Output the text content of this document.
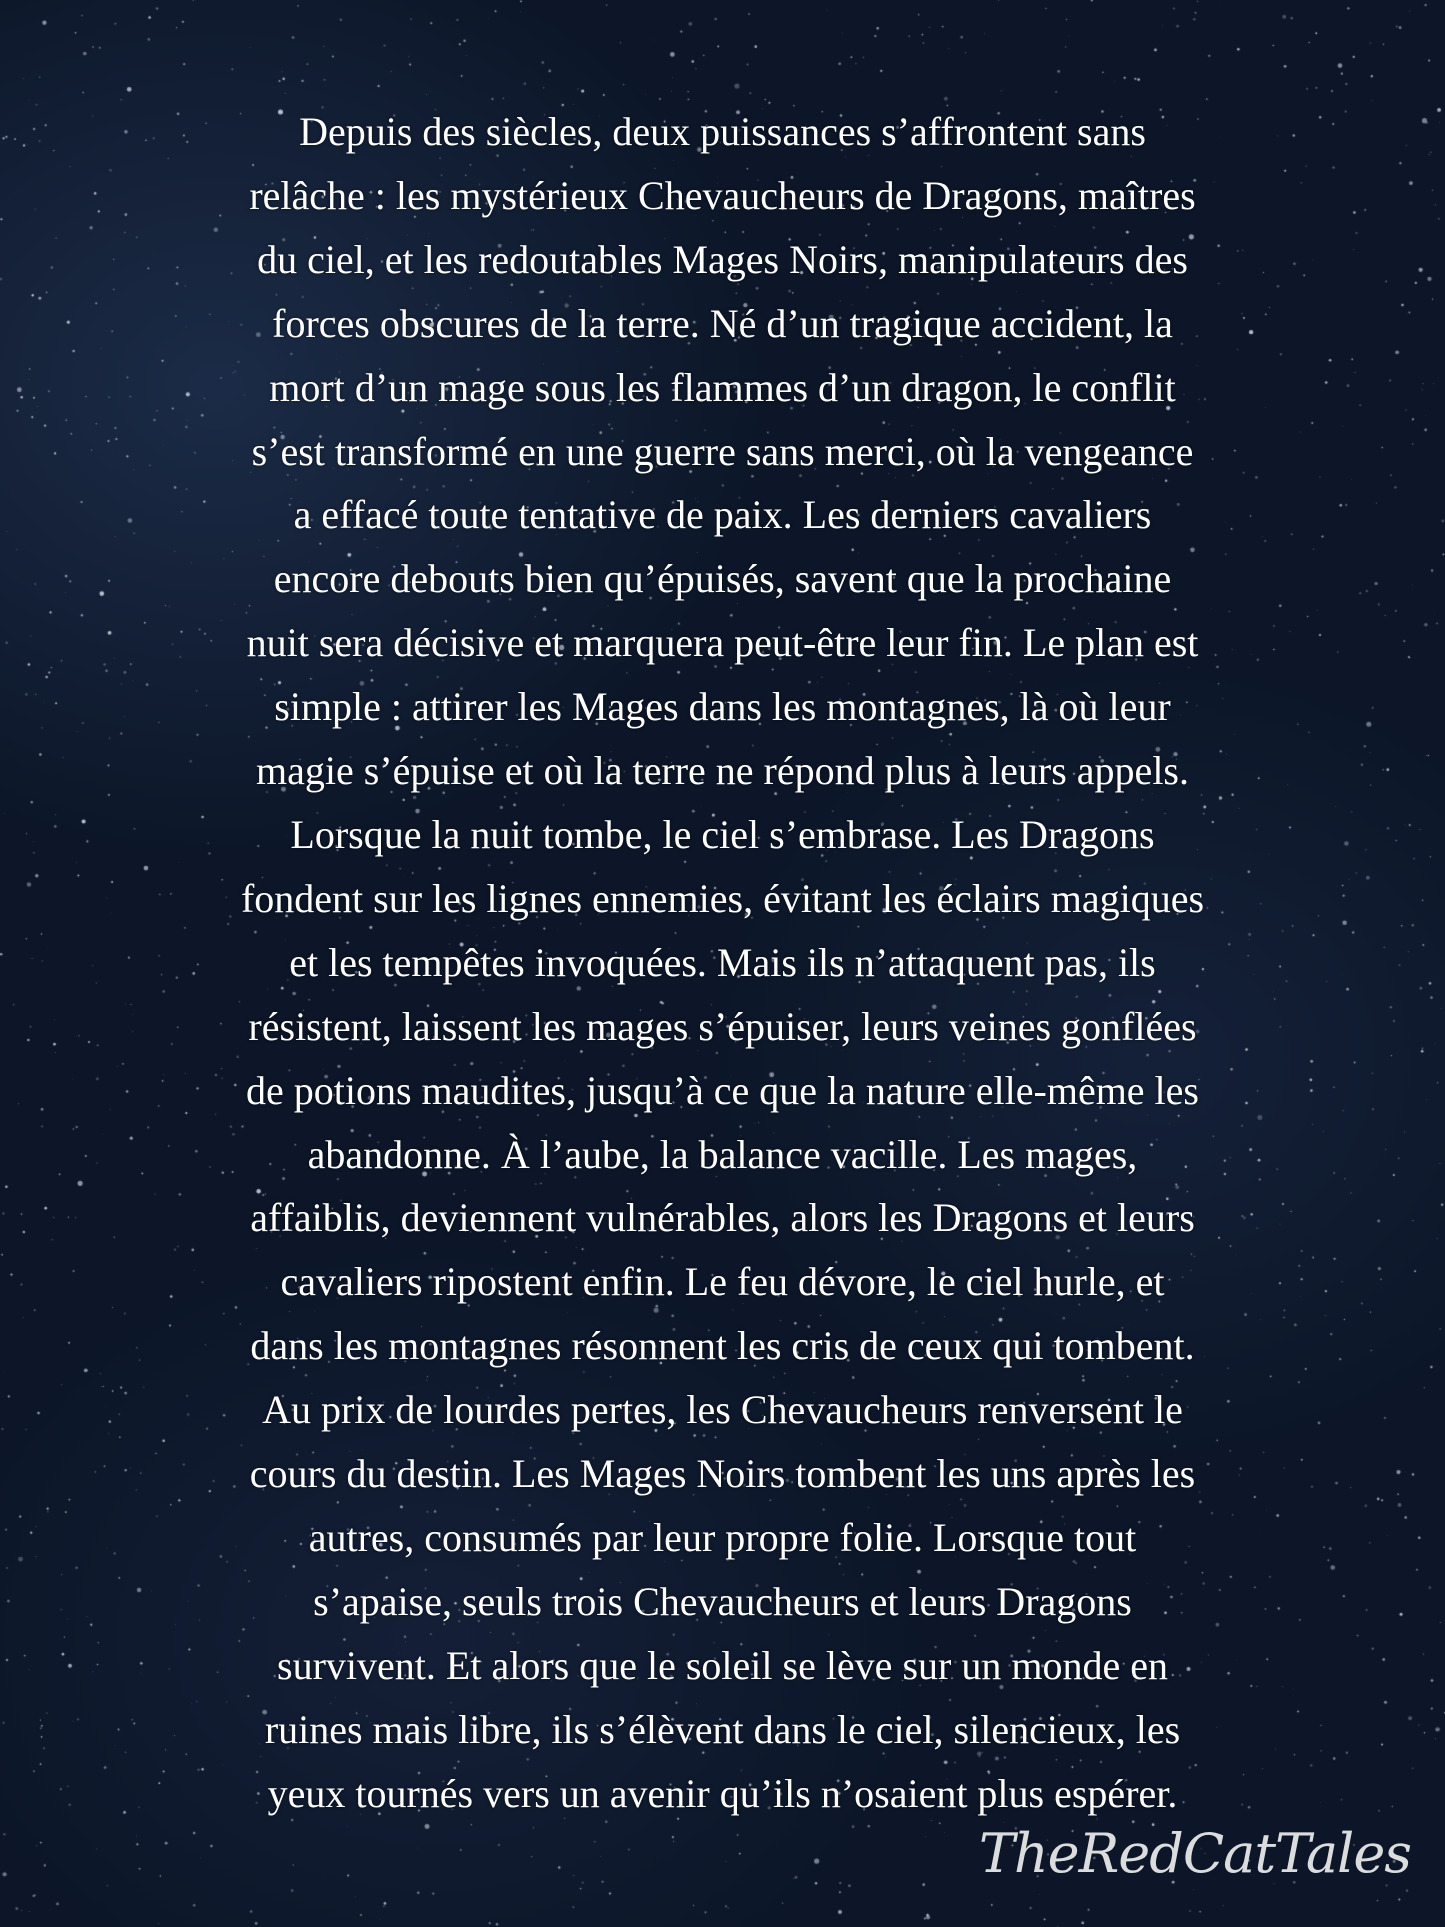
Depuis des siècles, deux puissances s’affrontent sans
relâche : les mystérieux Chevaucheurs de Dragons, maîtres
du ciel, et les redoutables Mages Noirs, manipulateurs des
forces obscures de la terre. Né d’un tragique accident, la
mort d’un mage sous les flammes d’un dragon, le conflit
s’est transformé en une guerre sans merci, où la vengeance
a effacé toute tentative de paix. Les derniers cavaliers
encore debouts bien qu’épuisés, savent que la prochaine
nuit sera décisive et marquera peut-être leur fin. Le plan est
simple : attirer les Mages dans les montagnes, là où leur
magie s’épuise et où la terre ne répond plus à leurs appels.
Lorsque la nuit tombe, le ciel s’embrase. Les Dragons
fondent sur les lignes ennemies, évitant les éclairs magiques
et les tempêtes invoquées. Mais ils n’attaquent pas, ils
résistent, laissent les mages s’épuiser, leurs veines gonflées
de potions maudites, jusqu’à ce que la nature elle-même les
abandonne. À l’aube, la balance vacille. Les mages,
affaiblis, deviennent vulnérables, alors les Dragons et leurs
cavaliers ripostent enfin. Le feu dévore, le ciel hurle, et
dans les montagnes résonnent les cris de ceux qui tombent.
Au prix de lourdes pertes, les Chevaucheurs renversent le
cours du destin. Les Mages Noirs tombent les uns après les
autres, consumés par leur propre folie. Lorsque tout
s’apaise, seuls trois Chevaucheurs et leurs Dragons
survivent. Et alors que le soleil se lève sur un monde en
ruines mais libre, ils s’élèvent dans le ciel, silencieux, les
yeux tournés vers un avenir qu’ils n’osaient plus espérer.

TheRedCatTales
